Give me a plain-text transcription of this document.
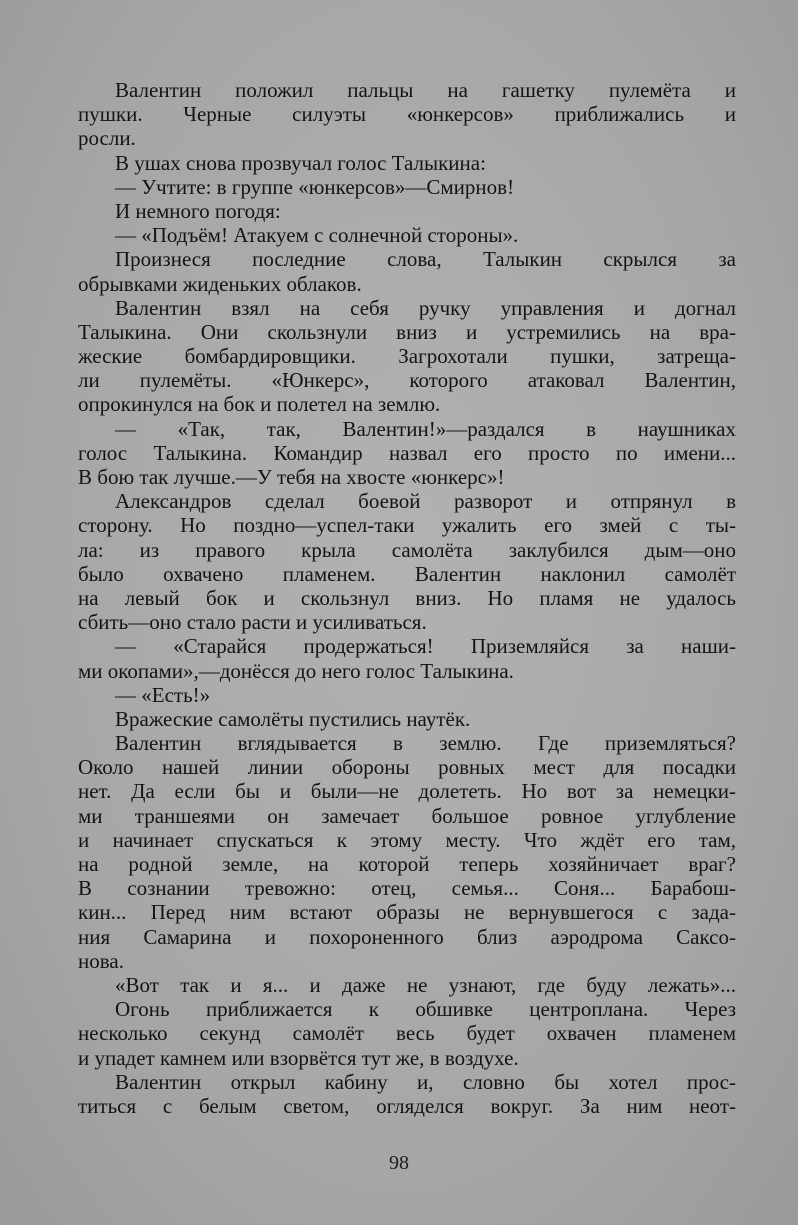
Валентин положил пальцы на гашетку пулемёта и
пушки. Черные силуэты «юнкерсов» приближались и
росли.
В ушах снова прозвучал голос Талыкина:
— Учтите: в группе «юнкерсов»—Смирнов!
И немного погодя:
— «Подъём! Атакуем с солнечной стороны».
Произнеся последние слова, Талыкин скрылся за
обрывками жиденьких облаков.
Валентин взял на себя ручку управления и догнал
Талыкина. Они скользнули вниз и устремились на вра-
жеские бомбардировщики. Загрохотали пушки, затреща-
ли пулемёты. «Юнкерс», которого атаковал Валентин,
опрокинулся на бок и полетел на землю.
— «Так, так, Валентин!»—раздался в наушниках
голос Талыкина. Командир назвал его просто по имени...
В бою так лучше.—У тебя на хвосте «юнкерс»!
Александров сделал боевой разворот и отпрянул в
сторону. Но поздно—успел-таки ужалить его змей с ты-
ла: из правого крыла самолёта заклубился дым—оно
было охвачено пламенем. Валентин наклонил самолёт
на левый бок и скользнул вниз. Но пламя не удалось
сбить—оно стало расти и усиливаться.
— «Старайся продержаться! Приземляйся за наши-
ми окопами»,—донёсся до него голос Талыкина.
— «Есть!»
Вражеские самолёты пустились наутёк.
Валентин вглядывается в землю. Где приземляться?
Около нашей линии обороны ровных мест для посадки
нет. Да если бы и были—не долететь. Но вот за немецки-
ми траншеями он замечает большое ровное углубление
и начинает спускаться к этому месту. Что ждёт его там,
на родной земле, на которой теперь хозяйничает враг?
В сознании тревожно: отец, семья... Соня... Барабош-
кин... Перед ним встают образы не вернувшегося с зада-
ния Самарина и похороненного близ аэродрома Саксо-
нова.
«Вот так и я... и даже не узнают, где буду лежать»...
Огонь приближается к обшивке центроплана. Через
несколько секунд самолёт весь будет охвачен пламенем
и упадет камнем или взорвётся тут же, в воздухе.
Валентин открыл кабину и, словно бы хотел прос-
титься с белым светом, огляделся вокруг. За ним неот-
98
